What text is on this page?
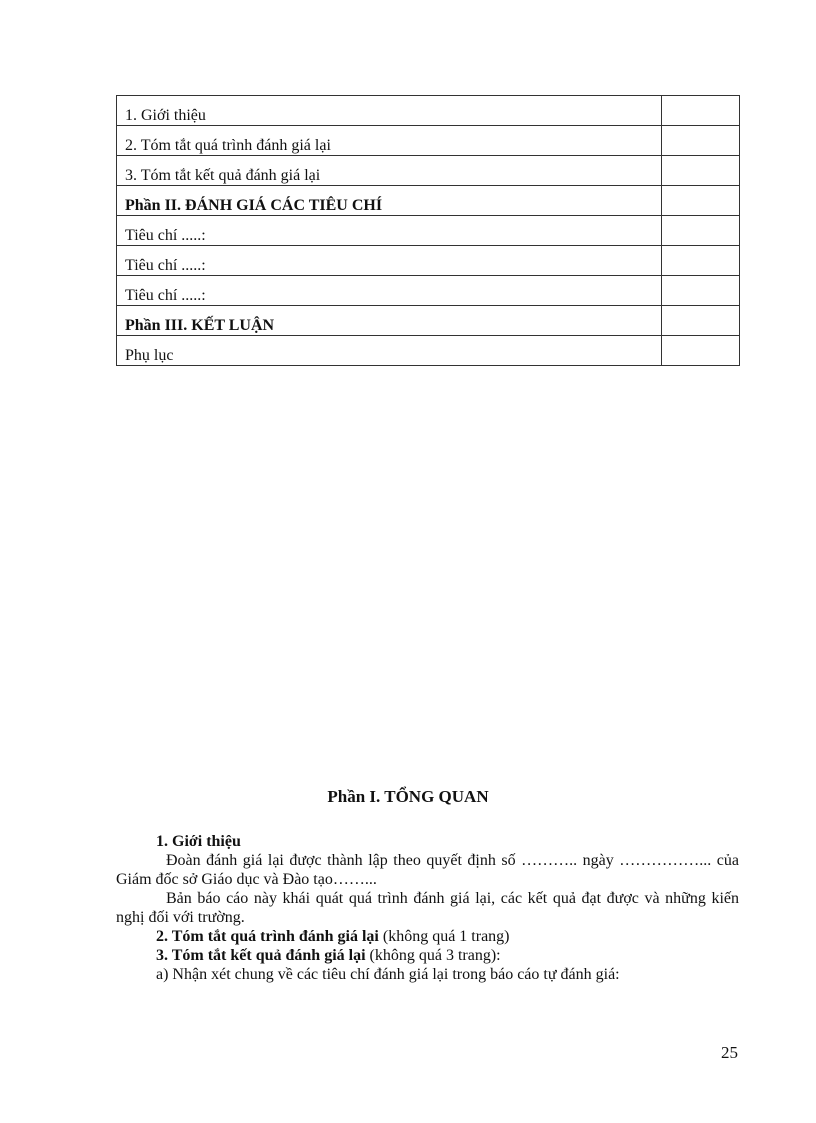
1. Giới thiệu	
2. Tóm tắt quá trình đánh giá lại	
3. Tóm tắt kết quả đánh giá lại	
Phần II. ĐÁNH GIÁ CÁC TIÊU CHÍ	
Tiêu chí .....:	
Tiêu chí .....:	
Tiêu chí .....:	
Phần III. KẾT LUẬN	
Phụ lục	
Phần I. TỔNG QUAN

1. Giới thiệu

Đoàn đánh giá lại được thành lập theo quyết định số ……….. ngày ……………... của Giám đốc sở Giáo dục và Đào tạo……...

Bản báo cáo này khái quát quá trình đánh giá lại, các kết quả đạt được và những kiến nghị đối với trường.

2. Tóm tắt quá trình đánh giá lại (không quá 1 trang)

3. Tóm tắt kết quả đánh giá lại (không quá 3 trang):

a) Nhận xét chung về các tiêu chí đánh giá lại trong báo cáo tự đánh giá:

25
